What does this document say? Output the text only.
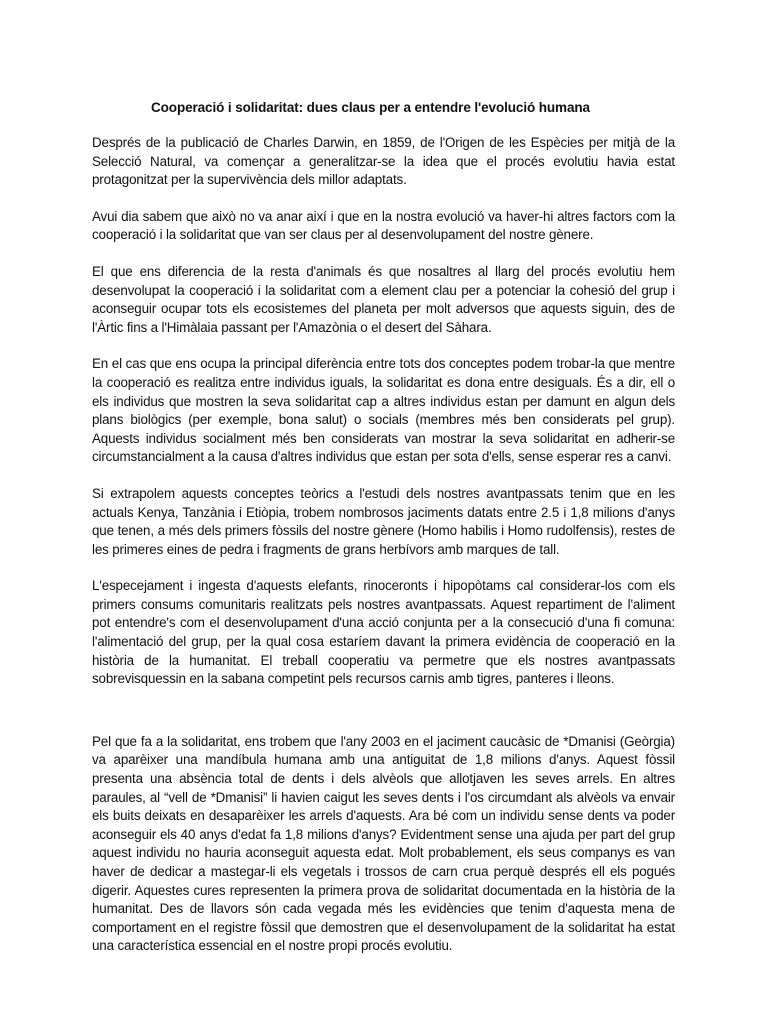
Cooperació i solidaritat: dues claus per a entendre l'evolució humana

Després de la publicació de Charles Darwin, en 1859, de l'Origen de les Espècies per mitjà de la Selecció Natural, va començar a generalitzar-se la idea que el procés evolutiu havia estat protagonitzat per la supervivència dels millor adaptats.

Avui dia sabem que això no va anar així i que en la nostra evolució va haver-hi altres factors com la cooperació i la solidaritat que van ser claus per al desenvolupament del nostre gènere.

El que ens diferencia de la resta d'animals és que nosaltres al llarg del procés evolutiu hem desenvolupat la cooperació i la solidaritat com a element clau per a potenciar la cohesió del grup i aconseguir ocupar tots els ecosistemes del planeta per molt adversos que aquests siguin, des de l'Àrtic fins a l'Himàlaia passant per l'Amazònia o el desert del Sàhara.

En el cas que ens ocupa la principal diferència entre tots dos conceptes podem trobar-la que mentre la cooperació es realitza entre individus iguals, la solidaritat es dona entre desiguals. És a dir, ell o els individus que mostren la seva solidaritat cap a altres individus estan per damunt en algun dels plans biològics (per exemple, bona salut) o socials (membres més ben considerats pel grup). Aquests individus socialment més ben considerats van mostrar la seva solidaritat en adherir-se circumstancialment a la causa d'altres individus que estan per sota d'ells, sense esperar res a canvi.

Si extrapolem aquests conceptes teòrics a l'estudi dels nostres avantpassats tenim que en les actuals Kenya, Tanzània i Etiòpia, trobem nombrosos jaciments datats entre 2.5 i 1,8 milions d'anys que tenen, a més dels primers fòssils del nostre gènere (Homo habilis i Homo rudolfensis), restes de les primeres eines de pedra i fragments de grans herbívors amb marques de tall.

L'especejament i ingesta d'aquests elefants, rinoceronts i hipopòtams cal considerar-los com els primers consums comunitaris realitzats pels nostres avantpassats. Aquest repartiment de l'aliment pot entendre's com el desenvolupament d'una acció conjunta per a la consecució d'una fi comuna: l'alimentació del grup, per la qual cosa estaríem davant la primera evidència de cooperació en la història de la humanitat. El treball cooperatiu va permetre que els nostres avantpassats sobrevisquessin en la sabana competint pels recursos carnis amb tigres, panteres i lleons.

Pel que fa a la solidaritat, ens trobem que l'any 2003 en el jaciment caucàsic de *Dmanisi (Geòrgia) va aparèixer una mandíbula humana amb una antiguitat de 1,8 milions d'anys. Aquest fòssil presenta una absència total de dents i dels alvèols que allotjaven les seves arrels. En altres paraules, al “vell de *Dmanisi” li havien caigut les seves dents i l'os circumdant als alvèols va envair els buits deixats en desaparèixer les arrels d'aquests. Ara bé com un individu sense dents va poder aconseguir els 40 anys d'edat fa 1,8 milions d'anys? Evidentment sense una ajuda per part del grup aquest individu no hauria aconseguit aquesta edat. Molt probablement, els seus companys es van haver de dedicar a mastegar-li els vegetals i trossos de carn crua perquè després ell els pogués digerir. Aquestes cures representen la primera prova de solidaritat documentada en la història de la humanitat. Des de llavors són cada vegada més les evidències que tenim d'aquesta mena de comportament en el registre fòssil que demostren que el desenvolupament de la solidaritat ha estat una característica essencial en el nostre propi procés evolutiu.
